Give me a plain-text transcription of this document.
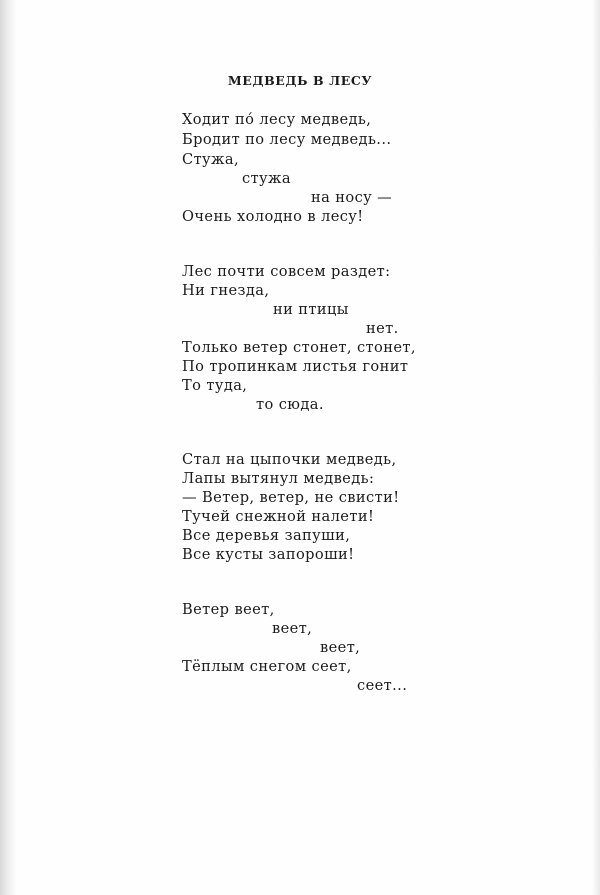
МЕДВЕДЬ В ЛЕСУ
Ходит по́ лесу медведь,
Бродит по лесу медведь...
Стужа,
стужа
на носу —
Очень холодно в лесу!
Лес почти совсем раздет:
Ни гнезда,
ни птицы
нет.
Только ветер стонет, стонет,
По тропинкам листья гонит
То туда,
то сюда.
Стал на цыпочки медведь,
Лапы вытянул медведь:
— Ветер, ветер, не свисти!
Тучей снежной налети!
Все деревья запуши,
Все кусты запороши!
Ветер веет,
веет,
веет,
Тёплым снегом сеет,
сеет...
